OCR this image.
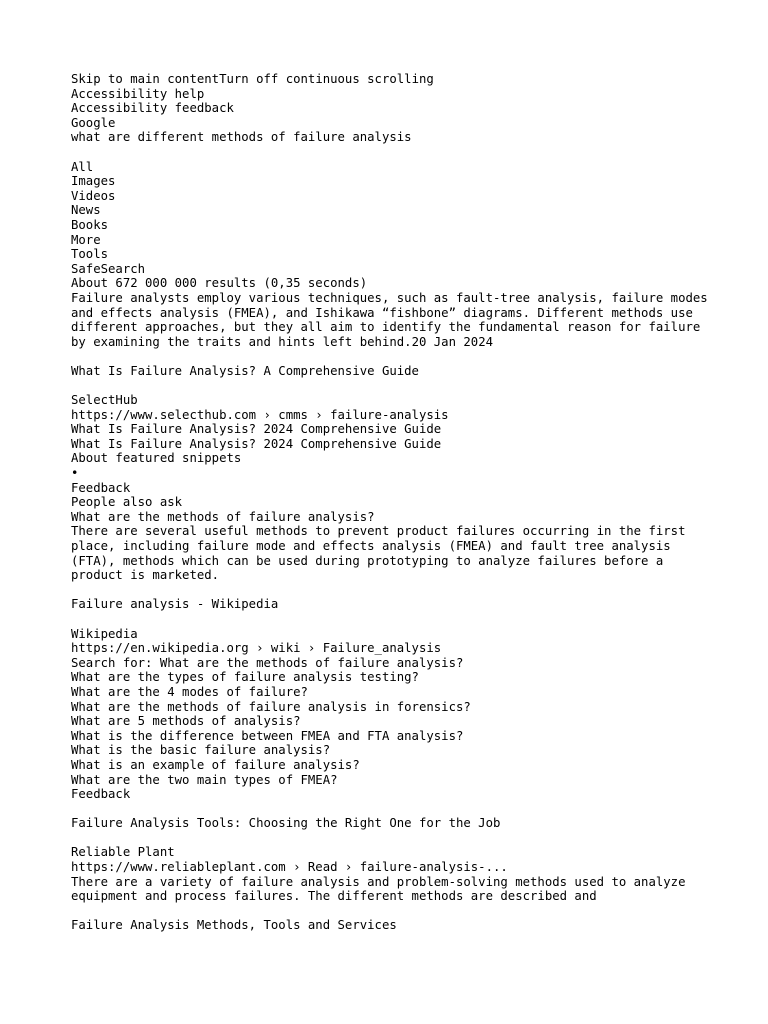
Skip to main contentTurn off continuous scrolling
Accessibility help
Accessibility feedback
Google
what are different methods of failure analysis
All
Images
Videos
News
Books
More
Tools
SafeSearch
About 672 000 000 results (0,35 seconds)
Failure analysts employ various techniques, such as fault-tree analysis, failure modes and effects analysis (FMEA), and Ishikawa “fishbone” diagrams. Different methods use different approaches, but they all aim to identify the fundamental reason for failure by examining the traits and hints left behind.20 Jan 2024
What Is Failure Analysis? A Comprehensive Guide
SelectHub
https://www.selecthub.com › cmms › failure-analysis
What Is Failure Analysis? 2024 Comprehensive Guide
What Is Failure Analysis? 2024 Comprehensive Guide
About featured snippets
•
Feedback
People also ask
What are the methods of failure analysis?
There are several useful methods to prevent product failures occurring in the first place, including failure mode and effects analysis (FMEA) and fault tree analysis (FTA), methods which can be used during prototyping to analyze failures before a product is marketed.
Failure analysis - Wikipedia
Wikipedia
https://en.wikipedia.org › wiki › Failure_analysis
Search for: What are the methods of failure analysis?
What are the types of failure analysis testing?
What are the 4 modes of failure?
What are the methods of failure analysis in forensics?
What are 5 methods of analysis?
What is the difference between FMEA and FTA analysis?
What is the basic failure analysis?
What is an example of failure analysis?
What are the two main types of FMEA?
Feedback
Failure Analysis Tools: Choosing the Right One for the Job
Reliable Plant
https://www.reliableplant.com › Read › failure-analysis-...
There are a variety of failure analysis and problem-solving methods used to analyze equipment and process failures. The different methods are described and
Failure Analysis Methods, Tools and Services
